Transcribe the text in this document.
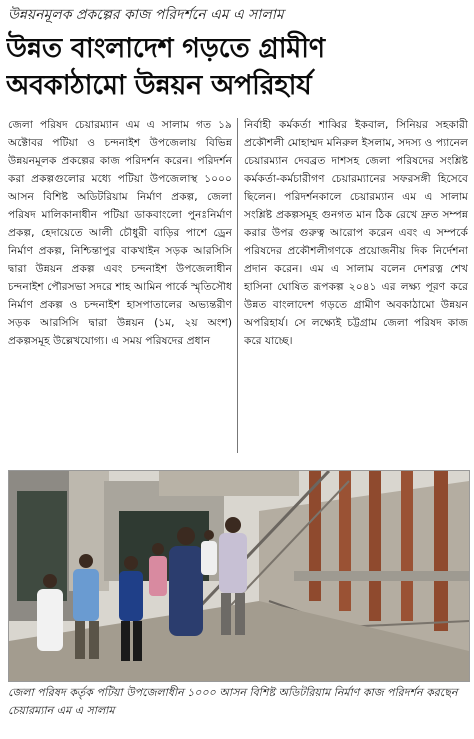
উন্নয়নমূলক প্রকল্পের কাজ পরিদর্শনে এম এ সালাম
উন্নত বাংলাদেশ গড়তে গ্রামীণ
অবকাঠামো উন্নয়ন অপরিহার্য
জেলা পরিষদ চেয়ারম্যান এম এ সালাম গত ১৯ অক্টোবর পটিয়া ও চন্দনাইশ উপজেলায় বিভিন্ন উন্নয়নমূলক প্রকল্পের কাজ পরিদর্শন করেন। পরিদর্শন করা প্রকল্পগুলোর মধ্যে পটিয়া উপজেলাস্থ ১০০০ আসন বিশিষ্ট অডিটরিয়াম নির্মাণ প্রকল্প, জেলা পরিষদ মালিকানাধীন পটিয়া ডাকবাংলো পুনঃনির্মাণ প্রকল্প, হেদায়েতে আলী চৌধুরী বাড়ির পাশে ড্রেন নির্মাণ প্রকল্প, নিশ্চিন্তাপুর বাকখাইন সড়ক আরসিসি দ্বারা উন্নয়ন প্রকল্প এবং চন্দনাইশ উপজেলাধীন চন্দনাইশ পৌরসভা সদরে শাহ আমিন পার্কে স্মৃতিসৌধ নির্মাণ প্রকল্প ও চন্দনাইশ হাসপাতালের অভ্যন্তরীণ সড়ক আরসিসি দ্বারা উন্নয়ন (১ম, ২য় অংশ) প্রকল্পসমূহ উল্লেখযোগ্য। এ সময় পরিষদের প্রধান
নির্বাহী কর্মকর্তা শাব্বির ইকবাল, সিনিয়র সহকারী প্রকৌশলী মোহাম্মদ মনিরুল ইসলাম, সদস্য ও প্যানেল চেয়ারম্যান দেবব্রত দাশসহ জেলা পরিষদের সংশ্লিষ্ট কর্মকর্তা-কর্মচারীগণ চেয়ারম্যানের সফরসঙ্গী হিসেবে ছিলেন। পরিদর্শনকালে চেয়ারম্যান এম এ সালাম সংশ্লিষ্ট প্রকল্পসমূহ গুনগত মান ঠিক রেখে দ্রুত সম্পন্ন করার উপর গুরুত্ব আরোপ করেন এবং এ সম্পর্কে পরিষদের প্রকৌশলীগণকে প্রয়োজনীয় দিক নির্দেশনা প্রদান করেন। এম এ সালাম বলেন দেশরত্ন শেখ হাসিনা ঘোষিত রূপকল্প ২০৪১ এর লক্ষ্য পূরণ করে উন্নত বাংলাদেশ গড়তে গ্রামীণ অবকাঠামো উন্নয়ন অপরিহার্য। সে লক্ষ্যেই চট্টগ্রাম জেলা পরিষদ কাজ করে যাচ্ছে।
জেলা পরিষদ কর্তৃক পটিয়া উপজেলাধীন ১০০০ আসন বিশিষ্ট অডিটরিয়াম নির্মাণ কাজ পরিদর্শন করছেন চেয়ারম্যান এম এ সালাম
